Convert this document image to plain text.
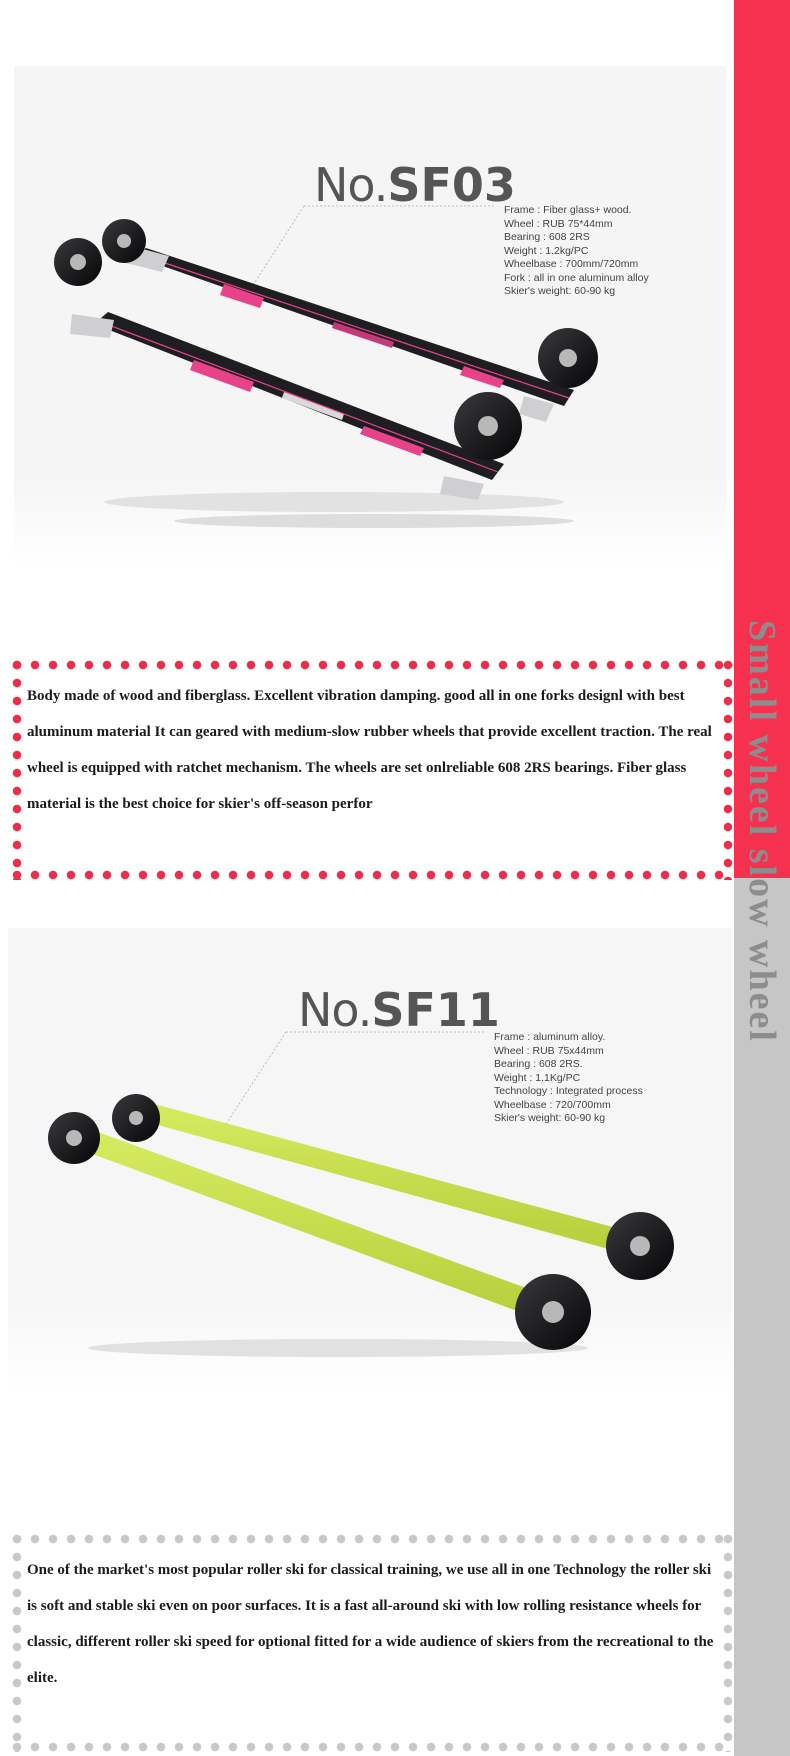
Small wheel slow wheel
No.SF03
Frame : Fiber glass+ wood.
Wheel : RUB 75*44mm
Bearing : 608 2RS
Weight : 1.2kg/PC
Wheelbase : 700mm/720mm
Fork : all in one aluminum alloy
Skier's weight: 60-90 kg
Body made of wood and fiberglass. Excellent vibration damping. good all in one forks designl with best aluminum material It can geared with medium-slow rubber wheels that provide excellent traction. The real wheel is equipped with ratchet mechanism. The wheels are set onlreliable 608 2RS bearings. Fiber glass material is the best choice for skier's off-season perfor
No.SF11
Frame : aluminum alloy.
Wheel : RUB 75x44mm
Bearing : 608 2RS.
Weight : 1.1Kg/PC
Technology : Integrated process
Wheelbase : 720/700mm
Skier's weight: 60-90 kg
One of the market's most popular roller ski for classical training, we use all in one Technology the roller ski is soft and stable ski even on poor surfaces. It is a fast all-around ski with low rolling resistance wheels for classic, different roller ski speed for optional fitted for a wide audience of skiers from the recreational to the elite.
